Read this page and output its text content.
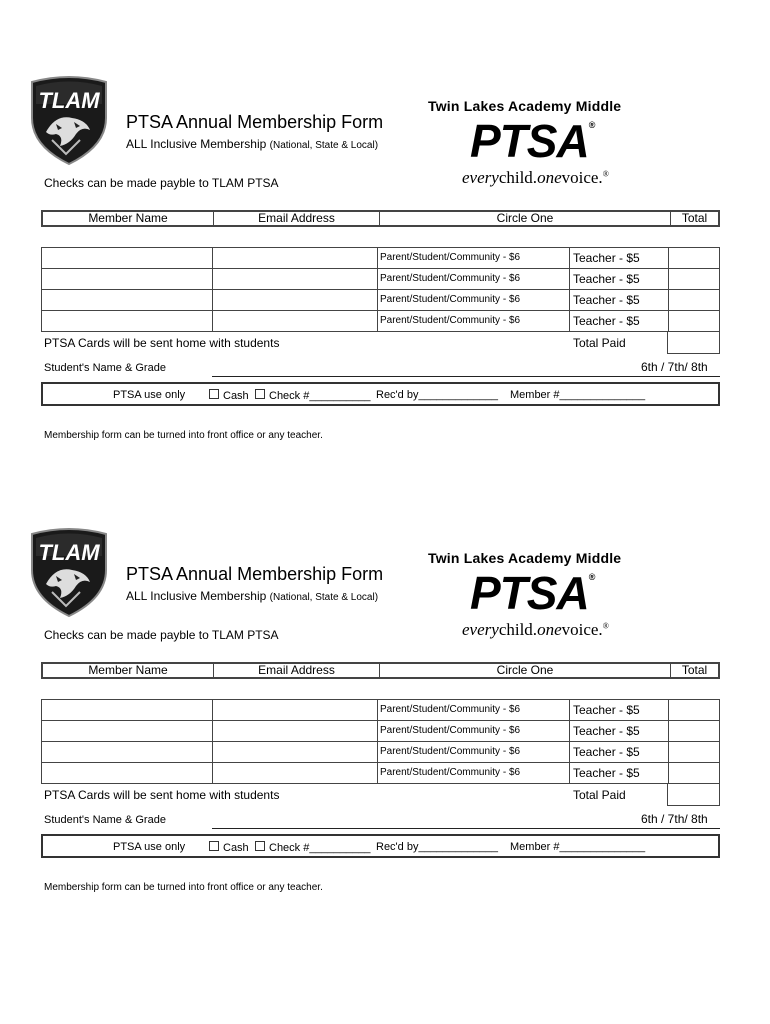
TLAM
PTSA Annual Membership Form
ALL Inclusive Membership (National, State & Local)
Checks can be made payble to TLAM PTSA
Twin Lakes Academy Middle
PTSA®
everychild.onevoice.®
Member Name	Email Address	Circle One	Total
Parent/Student/Community - $6	Teacher - $5
Parent/Student/Community - $6	Teacher - $5
Parent/Student/Community - $6	Teacher - $5
Parent/Student/Community - $6	Teacher - $5
PTSA Cards will be sent home with students	Total Paid
Student's Name & Grade	6th / 7th/ 8th
PTSA use only	Cash	Check #__________ Rec'd by_____________ Member #______________
Membership form can be turned into front office or any teacher.
TLAM
PTSA Annual Membership Form
ALL Inclusive Membership (National, State & Local)
Checks can be made payble to TLAM PTSA
Twin Lakes Academy Middle
PTSA®
everychild.onevoice.®
Member Name	Email Address	Circle One	Total
Parent/Student/Community - $6	Teacher - $5
Parent/Student/Community - $6	Teacher - $5
Parent/Student/Community - $6	Teacher - $5
Parent/Student/Community - $6	Teacher - $5
PTSA Cards will be sent home with students	Total Paid
Student's Name & Grade	6th / 7th/ 8th
PTSA use only	Cash	Check #__________ Rec'd by_____________ Member #______________
Membership form can be turned into front office or any teacher.
